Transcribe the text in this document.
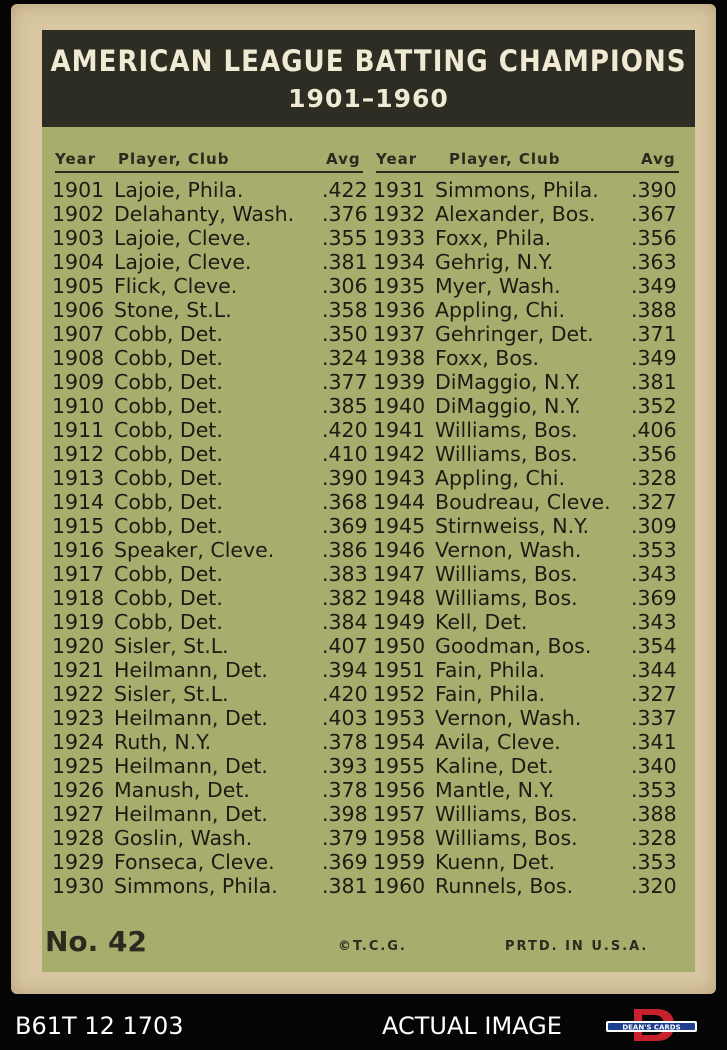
AMERICAN LEAGUE BATTING CHAMPIONS
1901–1960
Year Player, Club	Avg Year Player, Club	Avg
1901 Lajoie, Phila.	.422
1902 Delahanty, Wash. .376
1903 Lajoie, Cleve.	.355
1904 Lajoie, Cleve.	.381
1905 Flick, Cleve.	.306
1906 Stone, St.L.	.358
1907 Cobb, Det.	.350
1908 Cobb, Det.	.324
1909 Cobb, Det.	.377
1910 Cobb, Det.	.385
1911 Cobb, Det.	.420
1912 Cobb, Det.	.410
1913 Cobb, Det.	.390
1914 Cobb, Det.	.368
1915 Cobb, Det.	.369
1916 Speaker, Cleve. .386
1917 Cobb, Det.	.383
1918 Cobb, Det.	.382
1919 Cobb, Det.	.384
1920 Sisler, St.L.	.407
1921 Heilmann, Det.	.394
1922 Sisler, St.L.	.420
1923 Heilmann, Det.	.403
1924 Ruth, N.Y.	.378
1925 Heilmann, Det.	.393
1926 Manush, Det.	.378
1927 Heilmann, Det.	.398
1928 Goslin, Wash.	.379
1929 Fonseca, Cleve. .369
1930 Simmons, Phila. .381
1931 Simmons, Phila. .390
1932 Alexander, Bos. .367
1933 Foxx, Phila.	.356
1934 Gehrig, N.Y.	.363
1935 Myer, Wash.	.349
1936 Appling, Chi.	.388
1937 Gehringer, Det. .371
1938 Foxx, Bos.	.349
1939 DiMaggio, N.Y. .381
1940 DiMaggio, N.Y. .352
1941 Williams, Bos.	.406
1942 Williams, Bos.	.356
1943 Appling, Chi.	.328
1944 Boudreau, Cleve. .327
1945 Stirnweiss, N.Y. .309
1946 Vernon, Wash. .353
1947 Williams, Bos.	.343
1948 Williams, Bos.	.369
1949 Kell, Det.	.343
1950 Goodman, Bos. .354
1951 Fain, Phila.	.344
1952 Fain, Phila.	.327
1953 Vernon, Wash. .337
1954 Avila, Cleve.	.341
1955 Kaline, Det.	.340
1956 Mantle, N.Y.	.353
1957 Williams, Bos.	.388
1958 Williams, Bos.	.328
1959 Kuenn, Det.	.353
1960 Runnels, Bos.	.320
No. 42	©T.C.G.	PRTD. IN U.S.A.
B61T 12 1703	ACTUAL IMAGE	DEAN'S CARDS
